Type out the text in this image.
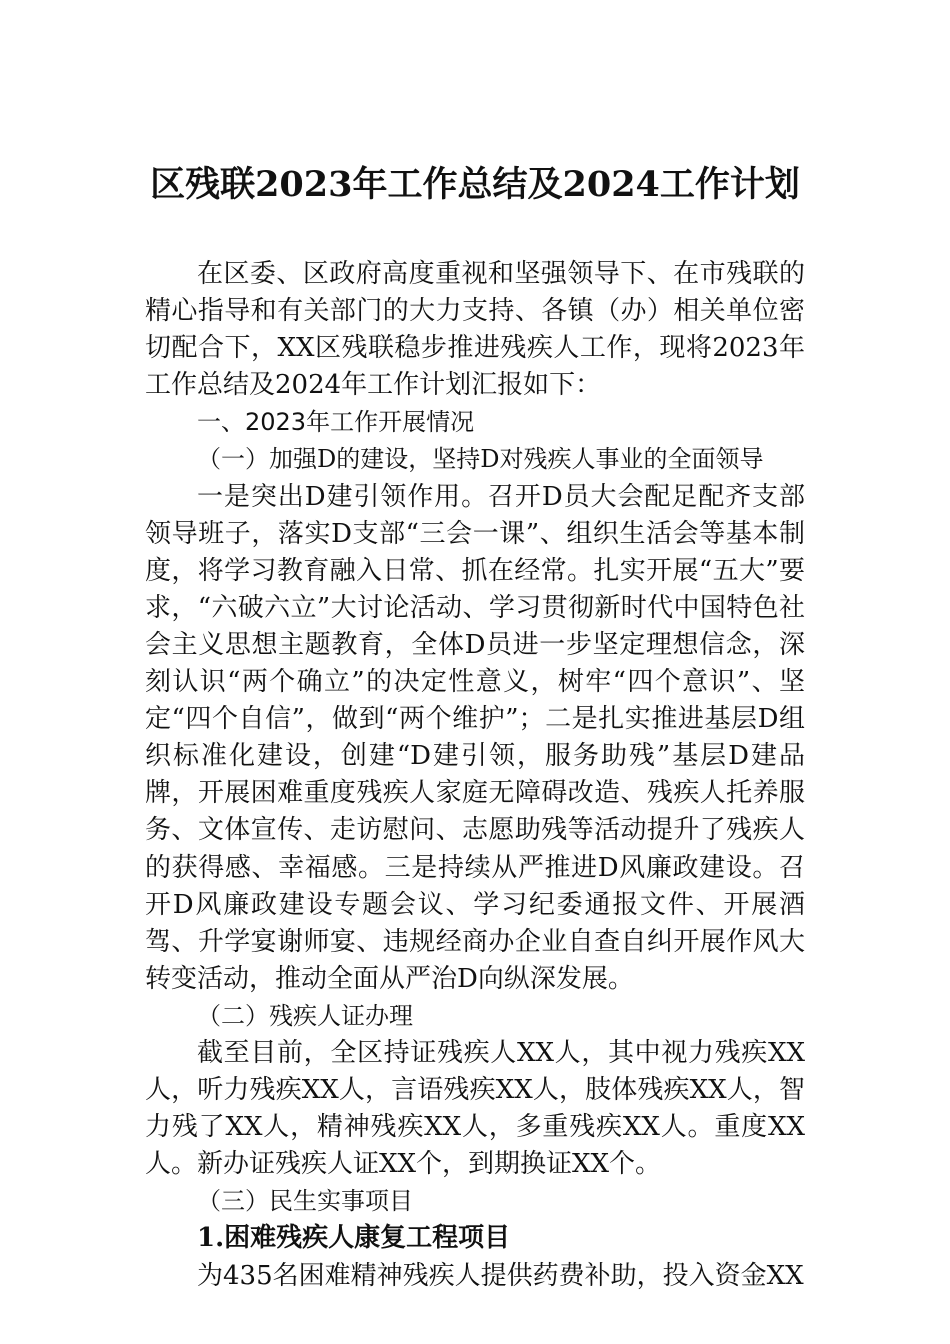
区残联2023年工作总结及2024工作计划

在区委、区政府高度重视和坚强领导下、在市残联的精心指导和有关部门的大力支持、各镇（办）相关单位密切配合下，XX区残联稳步推进残疾人工作，现将2023年工作总结及2024年工作计划汇报如下：

一、2023年工作开展情况

（一）加强D的建设，坚持D对残疾人事业的全面领导

一是突出D建引领作用。召开D员大会配足配齐支部领导班子，落实D支部“三会一课”、组织生活会等基本制度，将学习教育融入日常、抓在经常。扎实开展“五大”要求，“六破六立”大讨论活动、学习贯彻新时代中国特色社会主义思想主题教育，全体D员进一步坚定理想信念，深刻认识“两个确立”的决定性意义，树牢“四个意识”、坚定“四个自信”，做到“两个维护”；二是扎实推进基层D组织标准化建设，创建“D建引领，服务助残”基层D建品牌，开展困难重度残疾人家庭无障碍改造、残疾人托养服务、文体宣传、走访慰问、志愿助残等活动提升了残疾人的获得感、幸福感。三是持续从严推进D风廉政建设。召开D风廉政建设专题会议、学习纪委通报文件、开展酒驾、升学宴谢师宴、违规经商办企业自查自纠开展作风大转变活动，推动全面从严治D向纵深发展。

（二）残疾人证办理

截至目前，全区持证残疾人XX人，其中视力残疾XX人，听力残疾XX人，言语残疾XX人，肢体残疾XX人，智力残了XX人，精神残疾XX人，多重残疾XX人。重度XX人。新办证残疾人证XX个，到期换证XX个。

（三）民生实事项目

1.困难残疾人康复工程项目

为435名困难精神残疾人提供药费补助，投入资金XX
